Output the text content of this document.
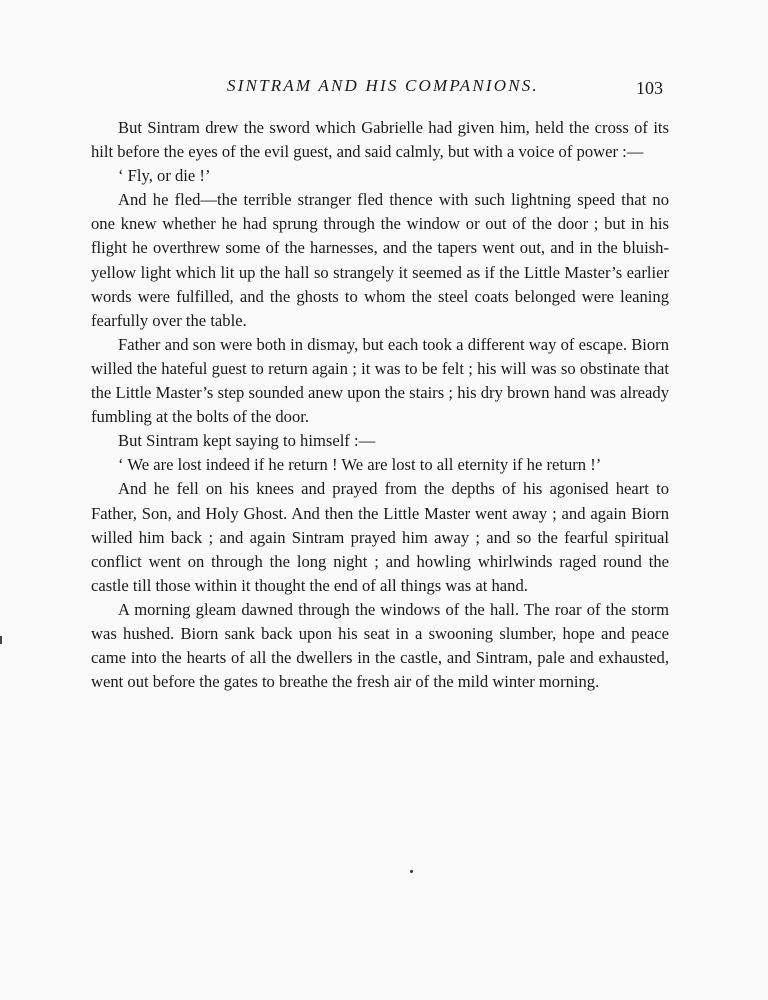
SINTRAM AND HIS COMPANIONS.	103

But Sintram drew the sword which Gabrielle had given him, held the cross of its hilt before the eyes of the evil guest, and said calmly, but with a voice of power :—

‘ Fly, or die !’

And he fled—the terrible stranger fled thence with such lightning speed that no one knew whether he had sprung through the window or out of the door ; but in his flight he overthrew some of the harnesses, and the tapers went out, and in the bluish-yellow light which lit up the hall so strangely it seemed as if the Little Master’s earlier words were fulfilled, and the ghosts to whom the steel coats belonged were leaning fearfully over the table.

Father and son were both in dismay, but each took a different way of escape. Biorn willed the hateful guest to return again ; it was to be felt ; his will was so obstinate that the Little Master’s step sounded anew upon the stairs ; his dry brown hand was already fumbling at the bolts of the door.

But Sintram kept saying to himself :—

‘ We are lost indeed if he return ! We are lost to all eternity if he return !’

And he fell on his knees and prayed from the depths of his agonised heart to Father, Son, and Holy Ghost. And then the Little Master went away ; and again Biorn willed him back ; and again Sintram prayed him away ; and so the fearful spiritual conflict went on through the long night ; and howling whirlwinds raged round the castle till those within it thought the end of all things was at hand.

A morning gleam dawned through the windows of the hall. The roar of the storm was hushed. Biorn sank back upon his seat in a swooning slumber, hope and peace came into the hearts of all the dwellers in the castle, and Sintram, pale and exhausted, went out before the gates to breathe the fresh air of the mild winter morning.
